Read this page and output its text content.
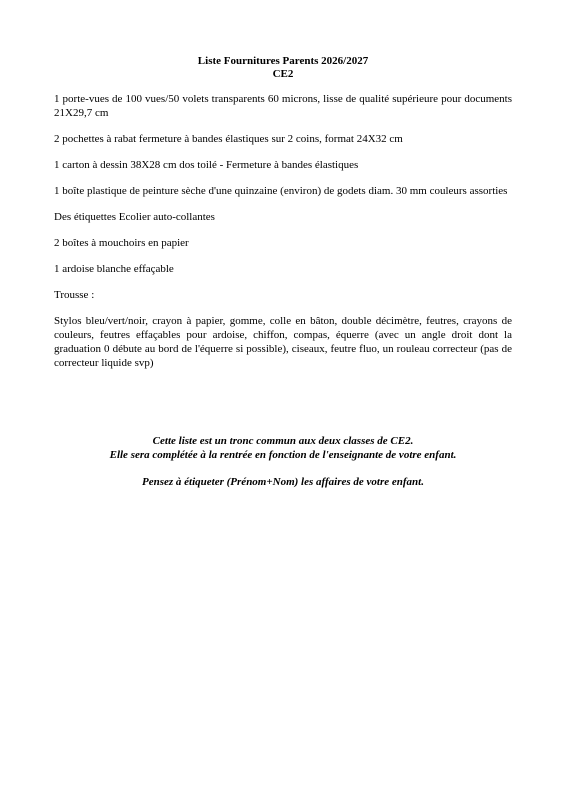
Liste Fournitures Parents 2026/2027
CE2

1 porte-vues de 100 vues/50 volets transparents 60 microns, lisse de qualité supérieure pour documents 21X29,7 cm

2 pochettes à rabat fermeture à bandes élastiques sur 2 coins, format 24X32 cm

1 carton à dessin 38X28 cm dos toilé - Fermeture à bandes élastiques

1 boîte plastique de peinture sèche d'une quinzaine (environ) de godets diam. 30 mm couleurs assorties

Des étiquettes Ecolier auto-collantes

2 boîtes à mouchoirs en papier

1 ardoise blanche effaçable

Trousse :

Stylos bleu/vert/noir, crayon à papier, gomme, colle en bâton, double décimètre, feutres, crayons de couleurs, feutres effaçables pour ardoise, chiffon, compas, équerre (avec un angle droit dont la graduation 0 débute au bord de l'équerre si possible), ciseaux, feutre fluo, un rouleau correcteur (pas de correcteur liquide svp)

Cette liste est un tronc commun aux deux classes de CE2.
Elle sera complétée à la rentrée en fonction de l'enseignante de votre enfant.
Pensez à étiqueter (Prénom+Nom) les affaires de votre enfant.
